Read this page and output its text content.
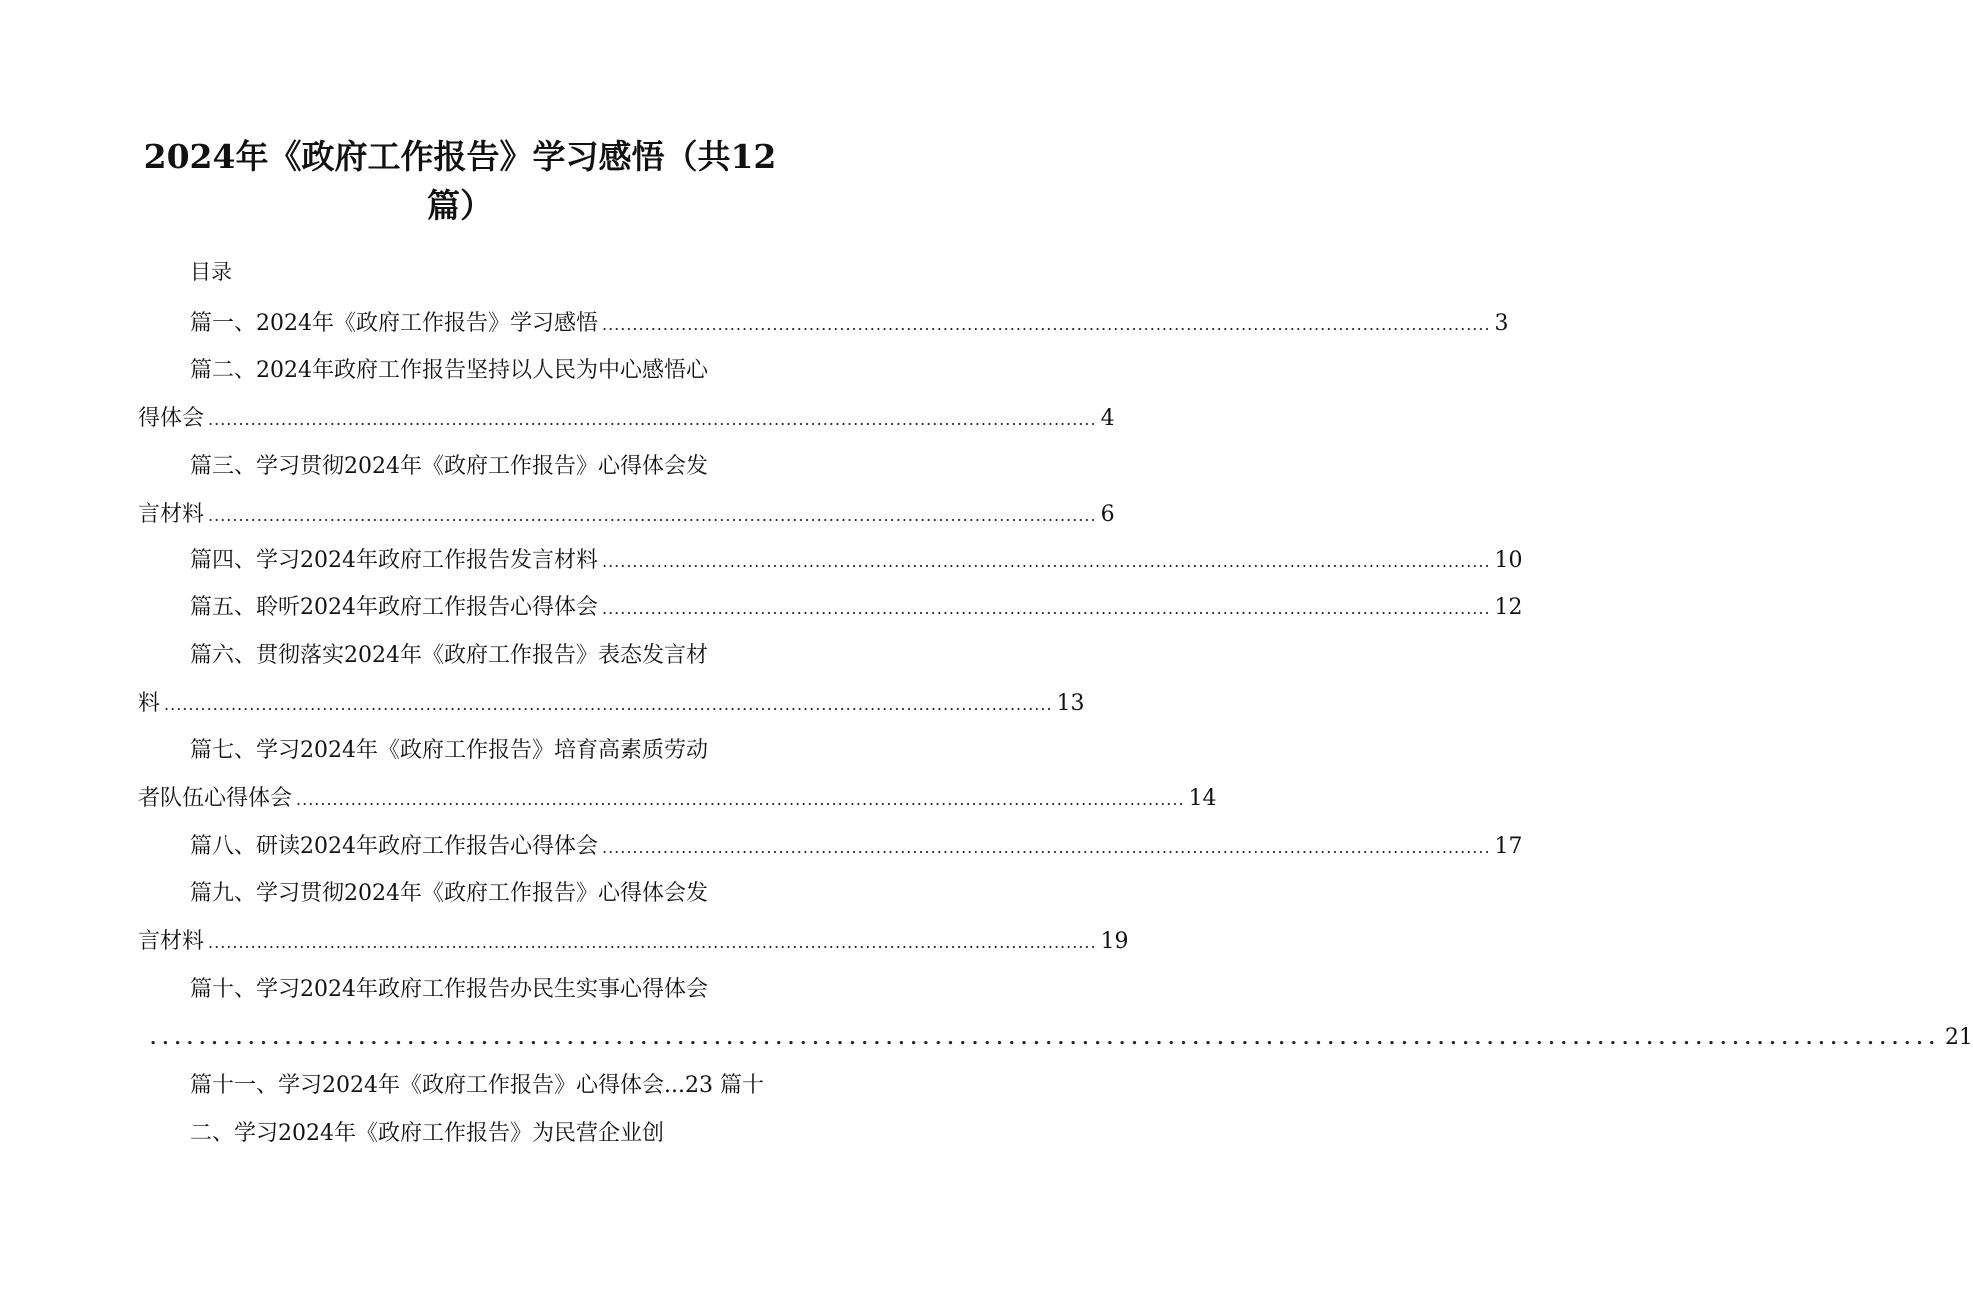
2024年《政府工作报告》学习感悟（共12
篇）
目录
篇一、2024年《政府工作报告》学习感悟 .................................................................................................................................................. 3
篇二、2024年政府工作报告坚持以人民为中心感悟心
得体会 .................................................................................................................................................. 4
篇三、学习贯彻2024年《政府工作报告》心得体会发
言材料 .................................................................................................................................................. 6
篇四、学习2024年政府工作报告发言材料 .................................................................................................................................................. 10
篇五、聆听2024年政府工作报告心得体会 .................................................................................................................................................. 12
篇六、贯彻落实2024年《政府工作报告》表态发言材
料 .................................................................................................................................................. 13
篇七、学习2024年《政府工作报告》培育高素质劳动
者队伍心得体会 .................................................................................................................................................. 14
篇八、研读2024年政府工作报告心得体会 .................................................................................................................................................. 17
篇九、学习贯彻2024年《政府工作报告》心得体会发
言材料 .................................................................................................................................................. 19
篇十、学习2024年政府工作报告办民生实事心得体会
.................................................................................................................................................. 21
篇十一、学习2024年《政府工作报告》心得体会...23 篇十
二、学习2024年《政府工作报告》为民营企业创
